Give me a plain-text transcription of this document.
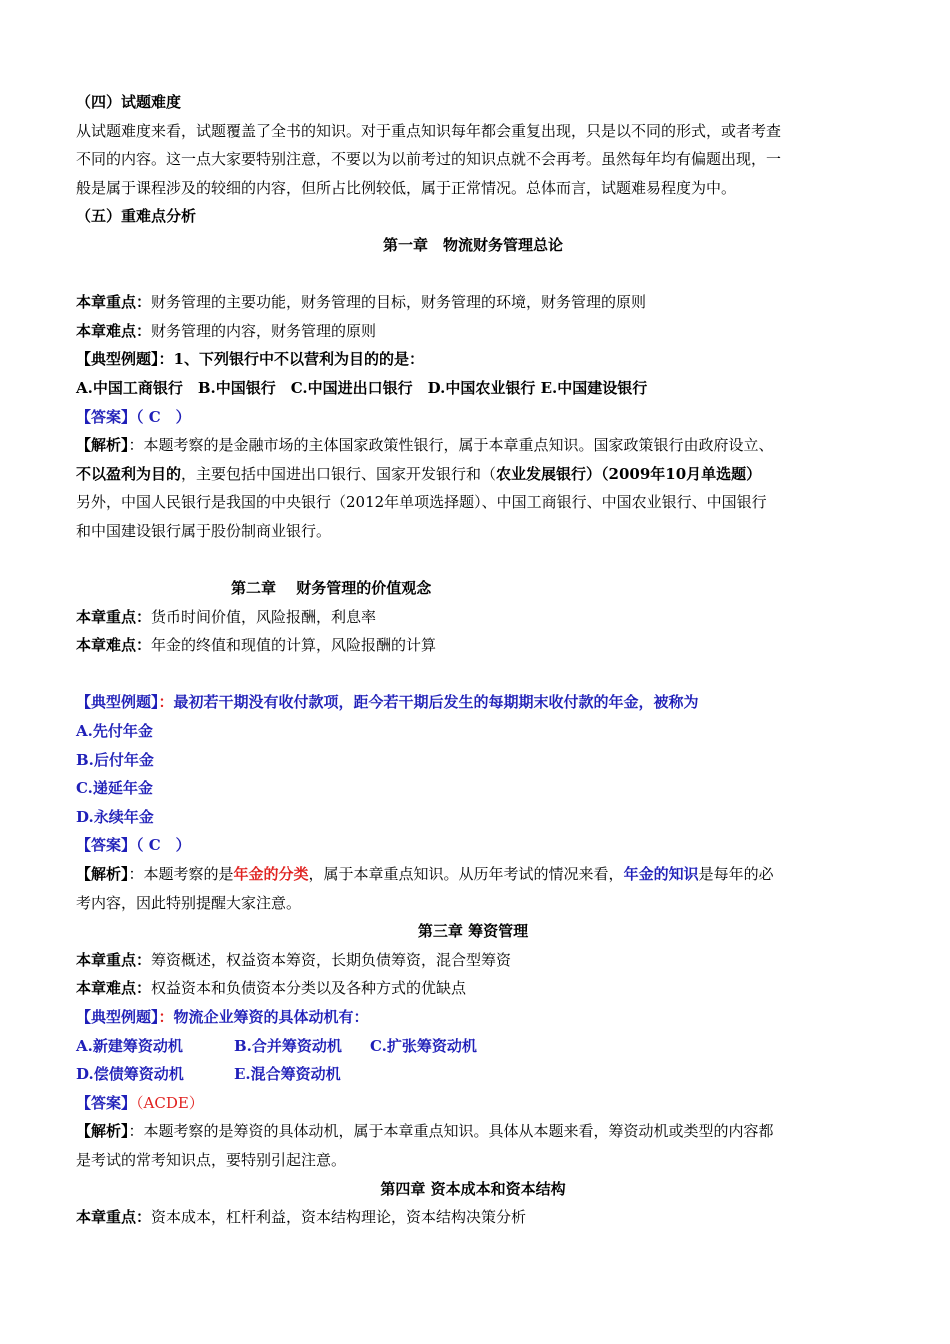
（四）试题难度
从试题难度来看，试题覆盖了全书的知识。对于重点知识每年都会重复出现，只是以不同的形式，或者考查
不同的内容。这一点大家要特别注意，不要以为以前考过的知识点就不会再考。虽然每年均有偏题出现，一
般是属于课程涉及的较细的内容，但所占比例较低，属于正常情况。总体而言，试题难易程度为中。
（五）重难点分析
第一章　物流财务管理总论
本章重点：财务管理的主要功能，财务管理的目标，财务管理的环境，财务管理的原则
本章难点：财务管理的内容，财务管理的原则
【典型例题】：1、下列银行中不以营利为目的的是：
A.中国工商银行　B.中国银行　C.中国进出口银行　D.中国农业银行 E.中国建设银行
【答案】（ C　）
【解析】：本题考察的是金融市场的主体国家政策性银行，属于本章重点知识。国家政策银行由政府设立、
不以盈利为目的，主要包括中国进出口银行、国家开发银行和（农业发展银行）（2009年10月单选题）
另外，中国人民银行是我国的中央银行（2012年单项选择题）、中国工商银行、中国农业银行、中国银行
和中国建设银行属于股份制商业银行。
第二章　 财务管理的价值观念
本章重点：货币时间价值，风险报酬，利息率
本章难点：年金的终值和现值的计算，风险报酬的计算
【典型例题】：最初若干期没有收付款项，距今若干期后发生的每期期末收付款的年金，被称为
A.先付年金
B.后付年金
C.递延年金
D.永续年金
【答案】（ C　）
【解析】：本题考察的是年金的分类，属于本章重点知识。从历年考试的情况来看，年金的知识是每年的必
考内容，因此特别提醒大家注意。
第三章 筹资管理
本章重点：筹资概述，权益资本筹资，长期负债筹资，混合型筹资
本章难点：权益资本和负债资本分类以及各种方式的优缺点
【典型例题】：物流企业筹资的具体动机有：
A.新建筹资动机	B.合并筹资动机 C.扩张筹资动机
D.偿债筹资动机	E.混合筹资动机
【答案】（ACDE）
【解析】：本题考察的是筹资的具体动机，属于本章重点知识。具体从本题来看，筹资动机或类型的内容都
是考试的常考知识点，要特别引起注意。
第四章 资本成本和资本结构
本章重点：资本成本，杠杆利益，资本结构理论，资本结构决策分析
